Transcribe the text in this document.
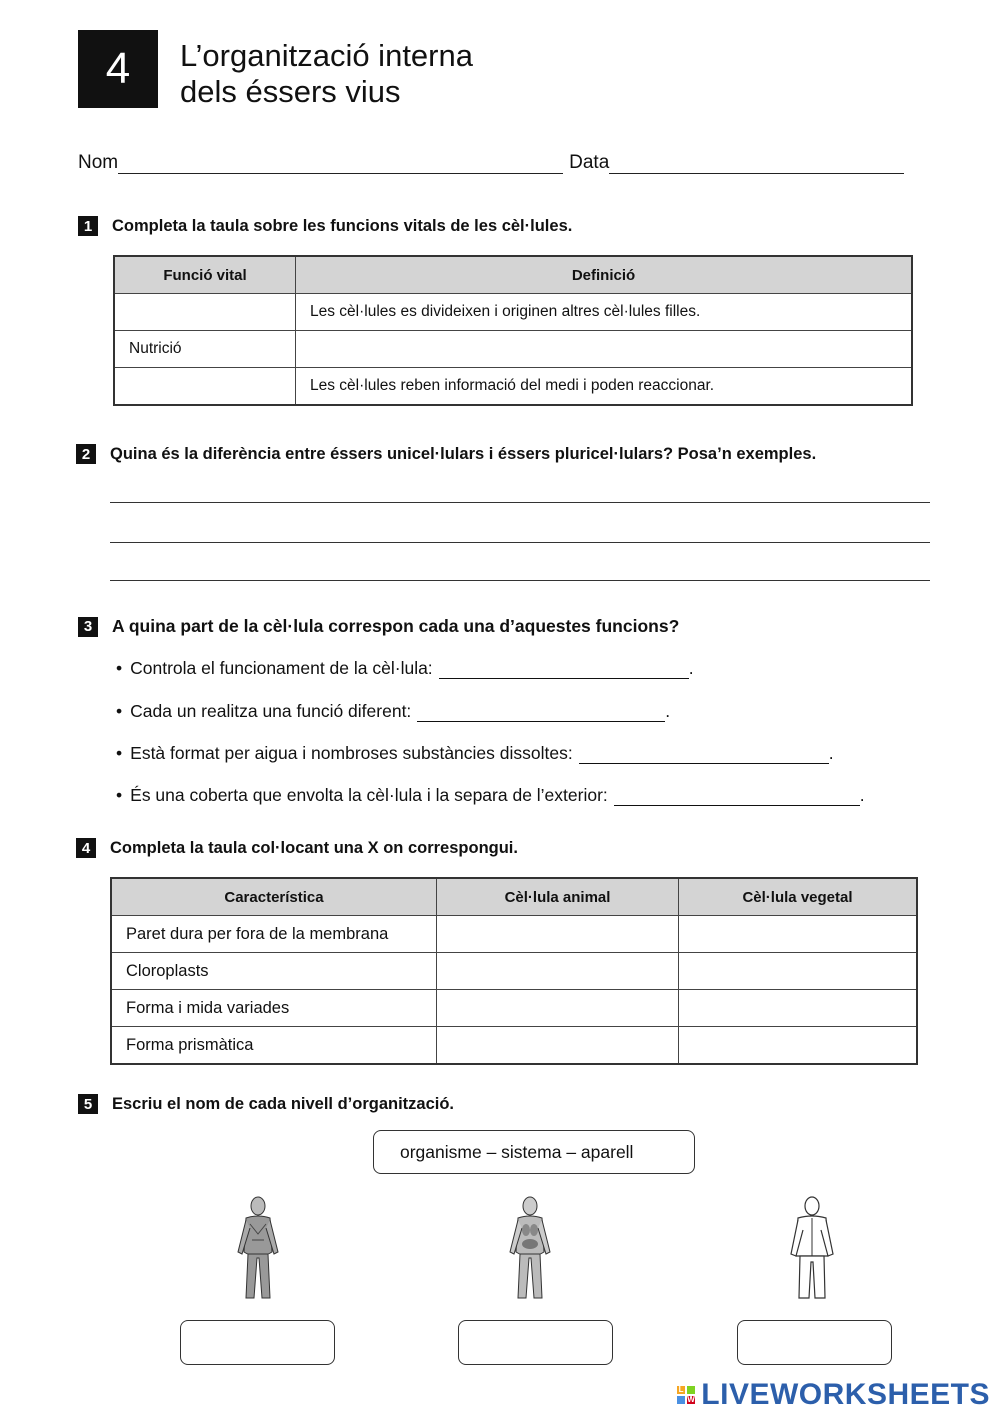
4 L’organització interna
dels éssers vius
Nom	Data
1	Completa la taula sobre les funcions vitals de les cèl·lules.
Funció vital	Definició
	Les cèl·lules es divideixen i originen altres cèl·lules filles.
Nutrició	
	Les cèl·lules reben informació del medi i poden reaccionar.
2	Quina és la diferència entre éssers unicel·lulars i éssers pluricel·lulars? Posa’n exemples.
3	A quina part de la cèl·lula correspon cada una d’aquestes funcions?
• Controla el funcionament de la cèl·lula:	.
• Cada un realitza una funció diferent:	.
• Està format per aigua i nombroses substàncies dissoltes:	.
• És una coberta que envolta la cèl·lula i la separa de l’exterior:	.
4	Completa la taula col·locant una X on correspongui.
Característica	Cèl·lula animal	Cèl·lula vegetal
Paret dura per fora de la membrana		
Cloroplasts		
Forma i mida variades		
Forma prismàtica		
5	Escriu el nom de cada nivell d’organització.
organisme – sistema – aparell
L
W LIVEWORKSHEETS
